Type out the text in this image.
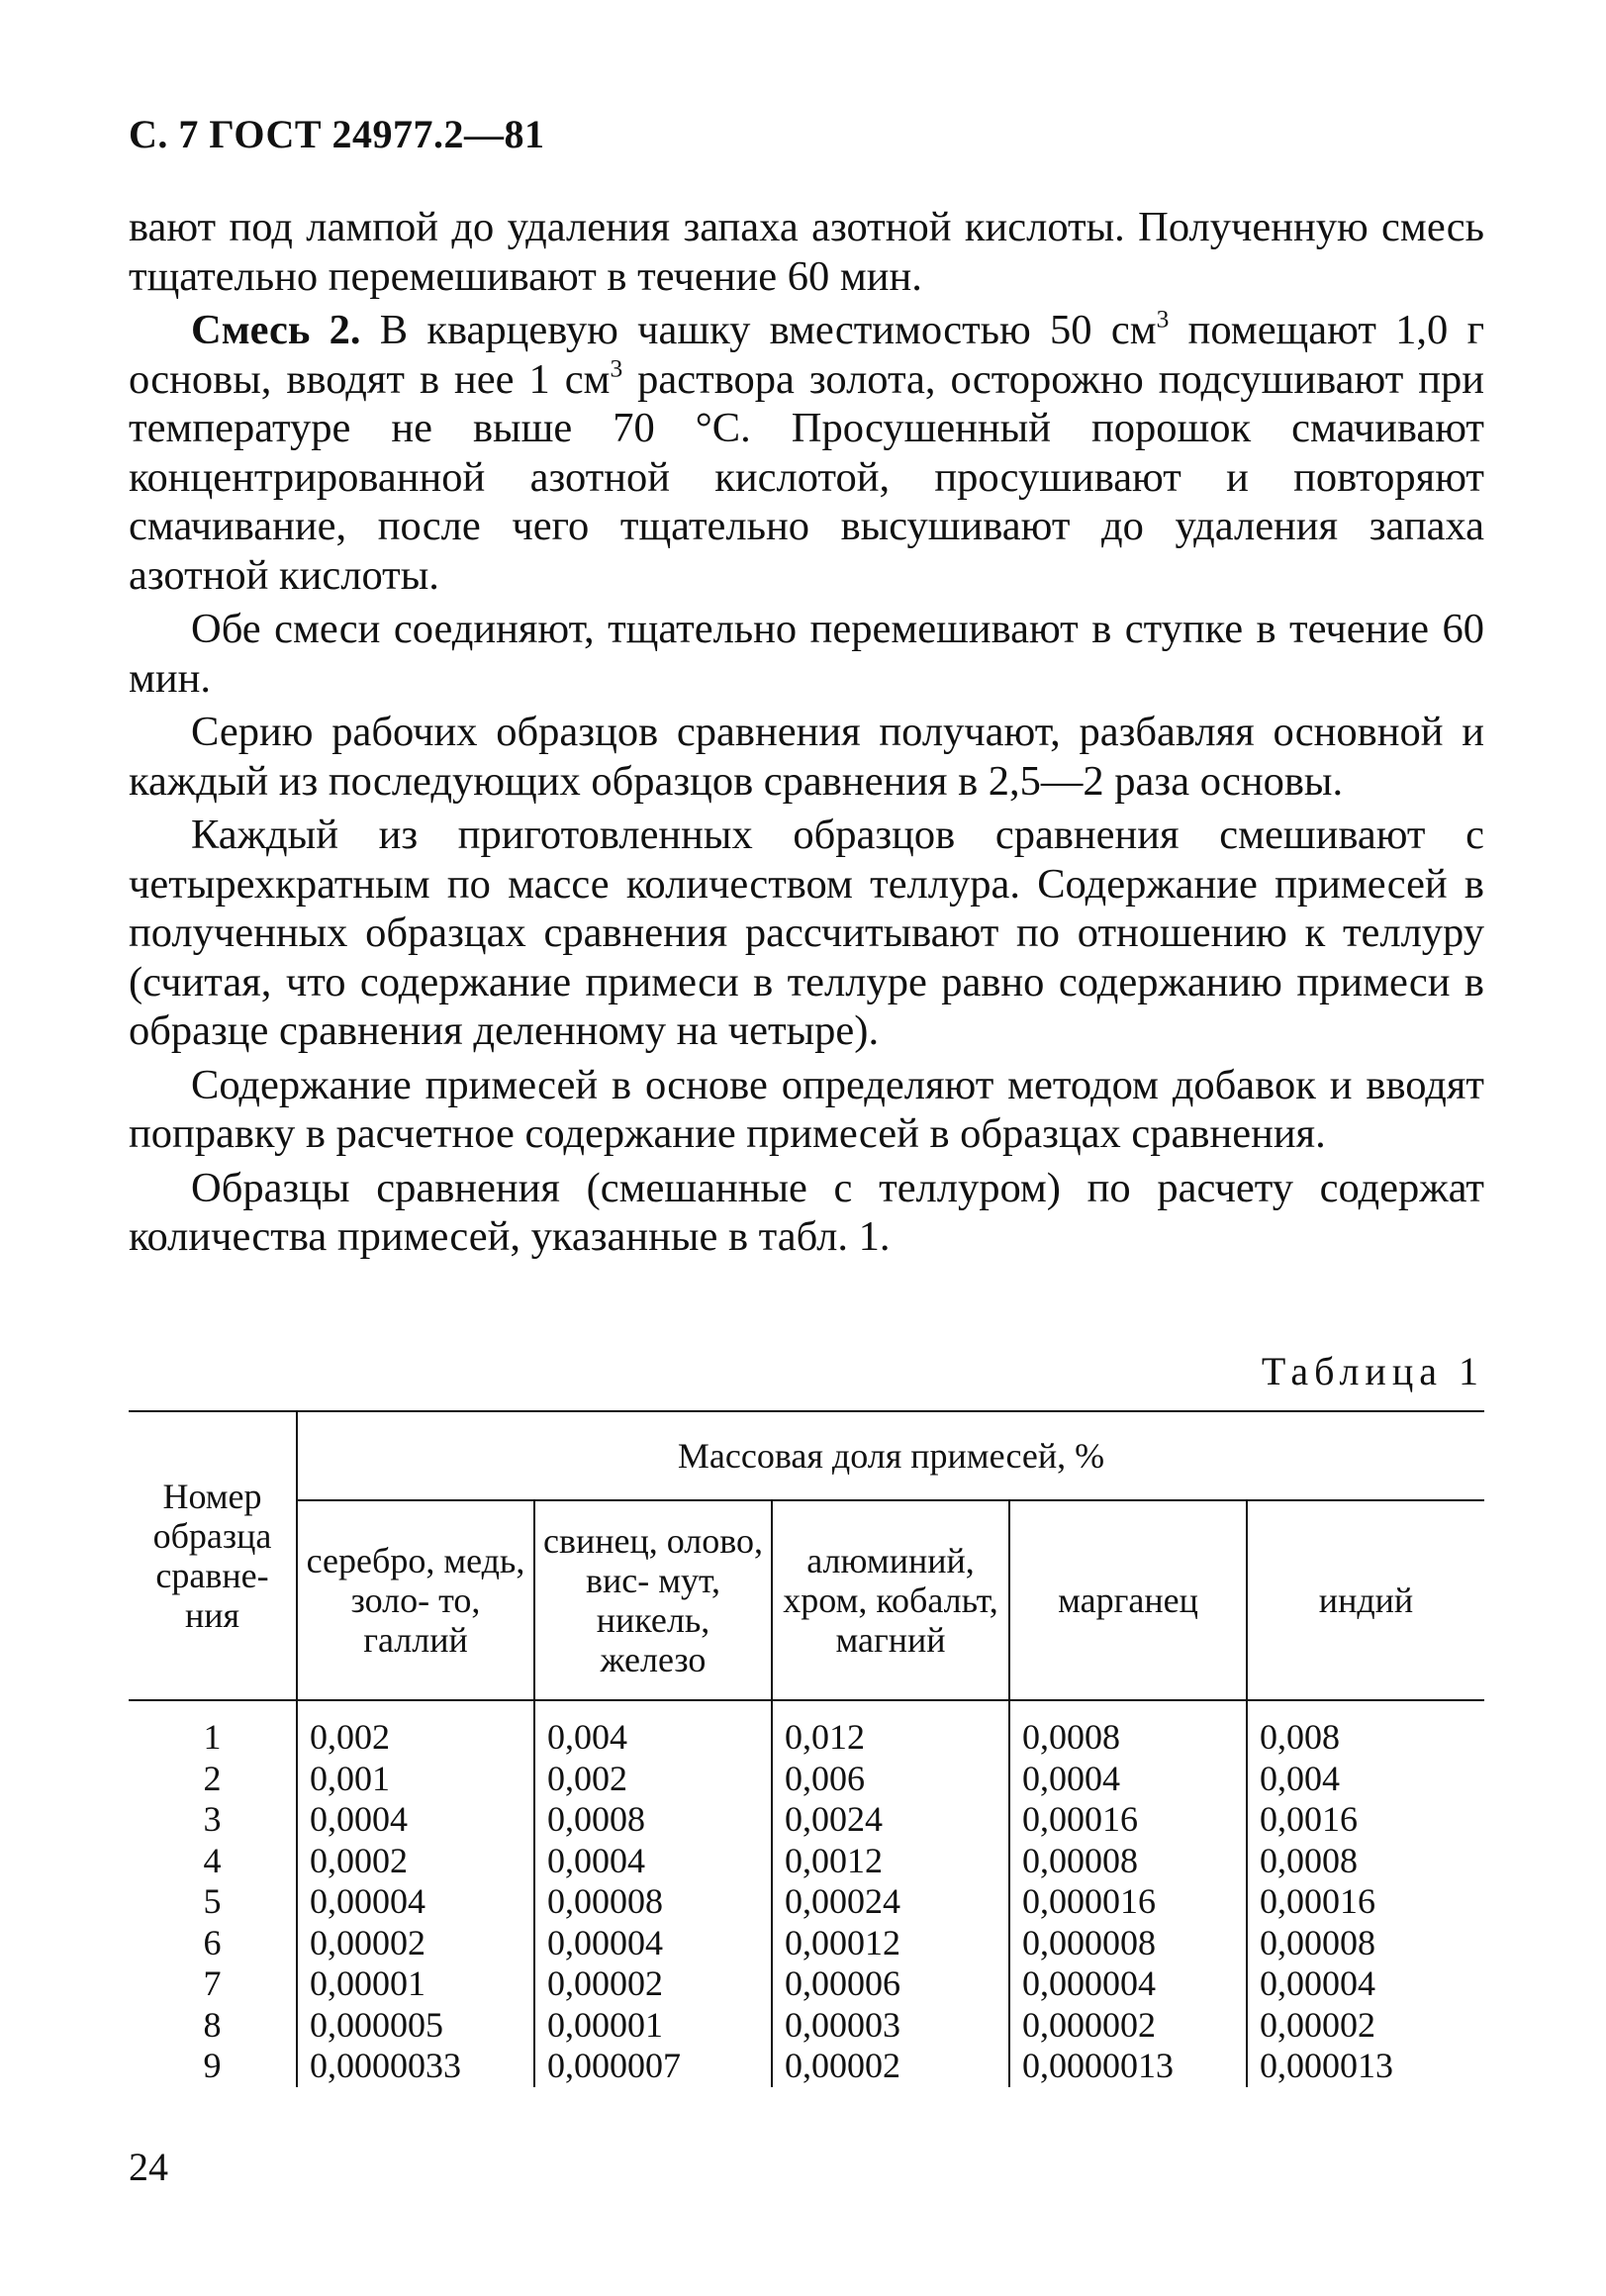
С. 7 ГОСТ 24977.2—81

вают под лампой до удаления запаха азотной кислоты. Полученную смесь тщательно перемешивают в течение 60 мин.

Смесь 2. В кварцевую чашку вместимостью 50 $см^3$ помещают 1,0 г основы, вводят в нее 1 $см^3$ раствора золота, осторожно подсушивают при температуре не выше 70 °С. Просушенный порошок смачивают концентрированной азотной кислотой, просушивают и повторяют смачивание, после чего тщательно высушивают до удаления запаха азотной кислоты.

Обе смеси соединяют, тщательно перемешивают в ступке в течение 60 мин.

Серию рабочих образцов сравнения получают, разбавляя основной и каждый из последующих образцов сравнения в 2,5—2 раза основы.

Каждый из приготовленных образцов сравнения смешивают с четырехкратным по массе количеством теллура. Содержание примесей в полученных образцах сравнения рассчитывают по отношению к теллуру (считая, что содержание примеси в теллуре равно содержанию примеси в образце сравнения деленному на четыре).

Содержание примесей в основе определяют методом добавок и вводят поправку в расчетное содержание примесей в образцах сравнения.

Образцы сравнения (смешанные с теллуром) по расчету содержат количества примесей, указанные в табл. 1.

Таблица 1
Номер образца сравне- ния	Массовая доля примесей, %				
	серебро, медь, золо- то, галлий	свинец, олово, вис- мут, никель, железо	алюминий, хром, кобальт, магний	марганец	индий
1	0,002	0,004	0,012	0,0008	0,008
2	0,001	0,002	0,006	0,0004	0,004
3	0,0004	0,0008	0,0024	0,00016	0,0016
4	0,0002	0,0004	0,0012	0,00008	0,0008
5	0,00004	0,00008	0,00024	0,000016	0,00016
6	0,00002	0,00004	0,00012	0,000008	0,00008
7	0,00001	0,00002	0,00006	0,000004	0,00004
8	0,000005	0,00001	0,00003	0,000002	0,00002
9	0,0000033	0,000007	0,00002	0,0000013	0,000013
24
